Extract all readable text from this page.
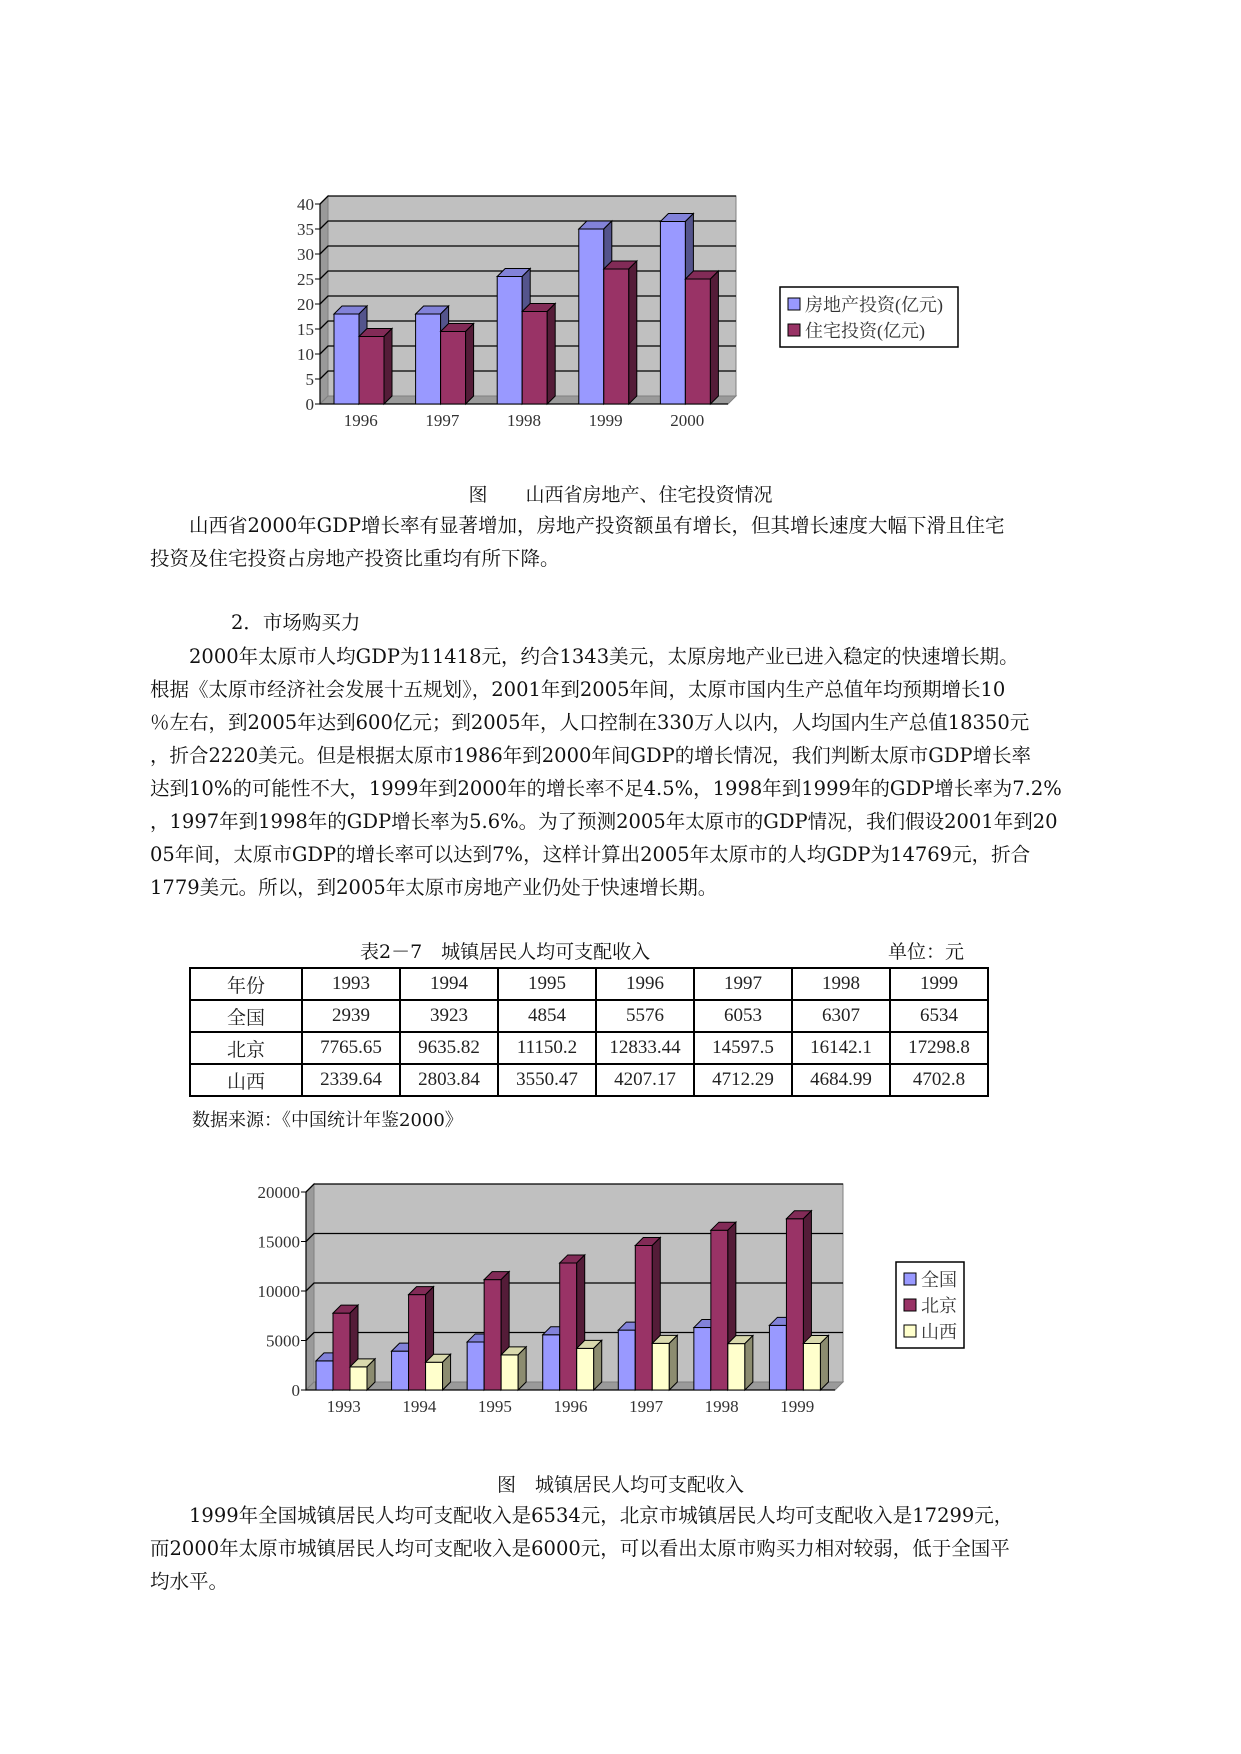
0
5
10
15
20
25
30
35
40
1996	1997	1998	1999	2000
房地产投资(亿元)
住宅投资(亿元)
图　　山西省房地产、住宅投资情况
　　山西省2000年GDP增长率有显著增加，房地产投资额虽有增长，但其增长速度大幅下滑且住宅
投资及住宅投资占房地产投资比重均有所下降。
　　2．市场购买力
　　2000年太原市人均GDP为11418元，约合1343美元，太原房地产业已进入稳定的快速增长期。
根据《太原市经济社会发展十五规划》，2001年到2005年间，太原市国内生产总值年均预期增长10
％左右，到2005年达到600亿元；到2005年，人口控制在330万人以内，人均国内生产总值18350元
，折合2220美元。但是根据太原市1986年到2000年间GDP的增长情况，我们判断太原市GDP增长率
达到10%的可能性不大，1999年到2000年的增长率不足4.5%，1998年到1999年的GDP增长率为7.2%
，1997年到1998年的GDP增长率为5.6%。为了预测2005年太原市的GDP情况，我们假设2001年到20
05年间，太原市GDP的增长率可以达到7%，这样计算出2005年太原市的人均GDP为14769元，折合
1779美元。所以，到2005年太原市房地产业仍处于快速增长期。
表2－7　城镇居民人均可支配收入	单位：元
年份	1993	1994	1995	1996	1997	1998	1999
全国	2939	3923	4854	5576	6053	6307	6534
北京	7765.65	9635.82	11150.2	12833.44	14597.5	16142.1	17298.8
山西	2339.64	2803.84	3550.47	4207.17	4712.29	4684.99	4702.8
数据来源：《中国统计年鉴2000》
0
5000
10000
15000
20000
1993 1994 1995 1996 1997 1998 1999
全国
北京
山西
图　城镇居民人均可支配收入
　　1999年全国城镇居民人均可支配收入是6534元，北京市城镇居民人均可支配收入是17299元，
而2000年太原市城镇居民人均可支配收入是6000元，可以看出太原市购买力相对较弱，低于全国平
均水平。
